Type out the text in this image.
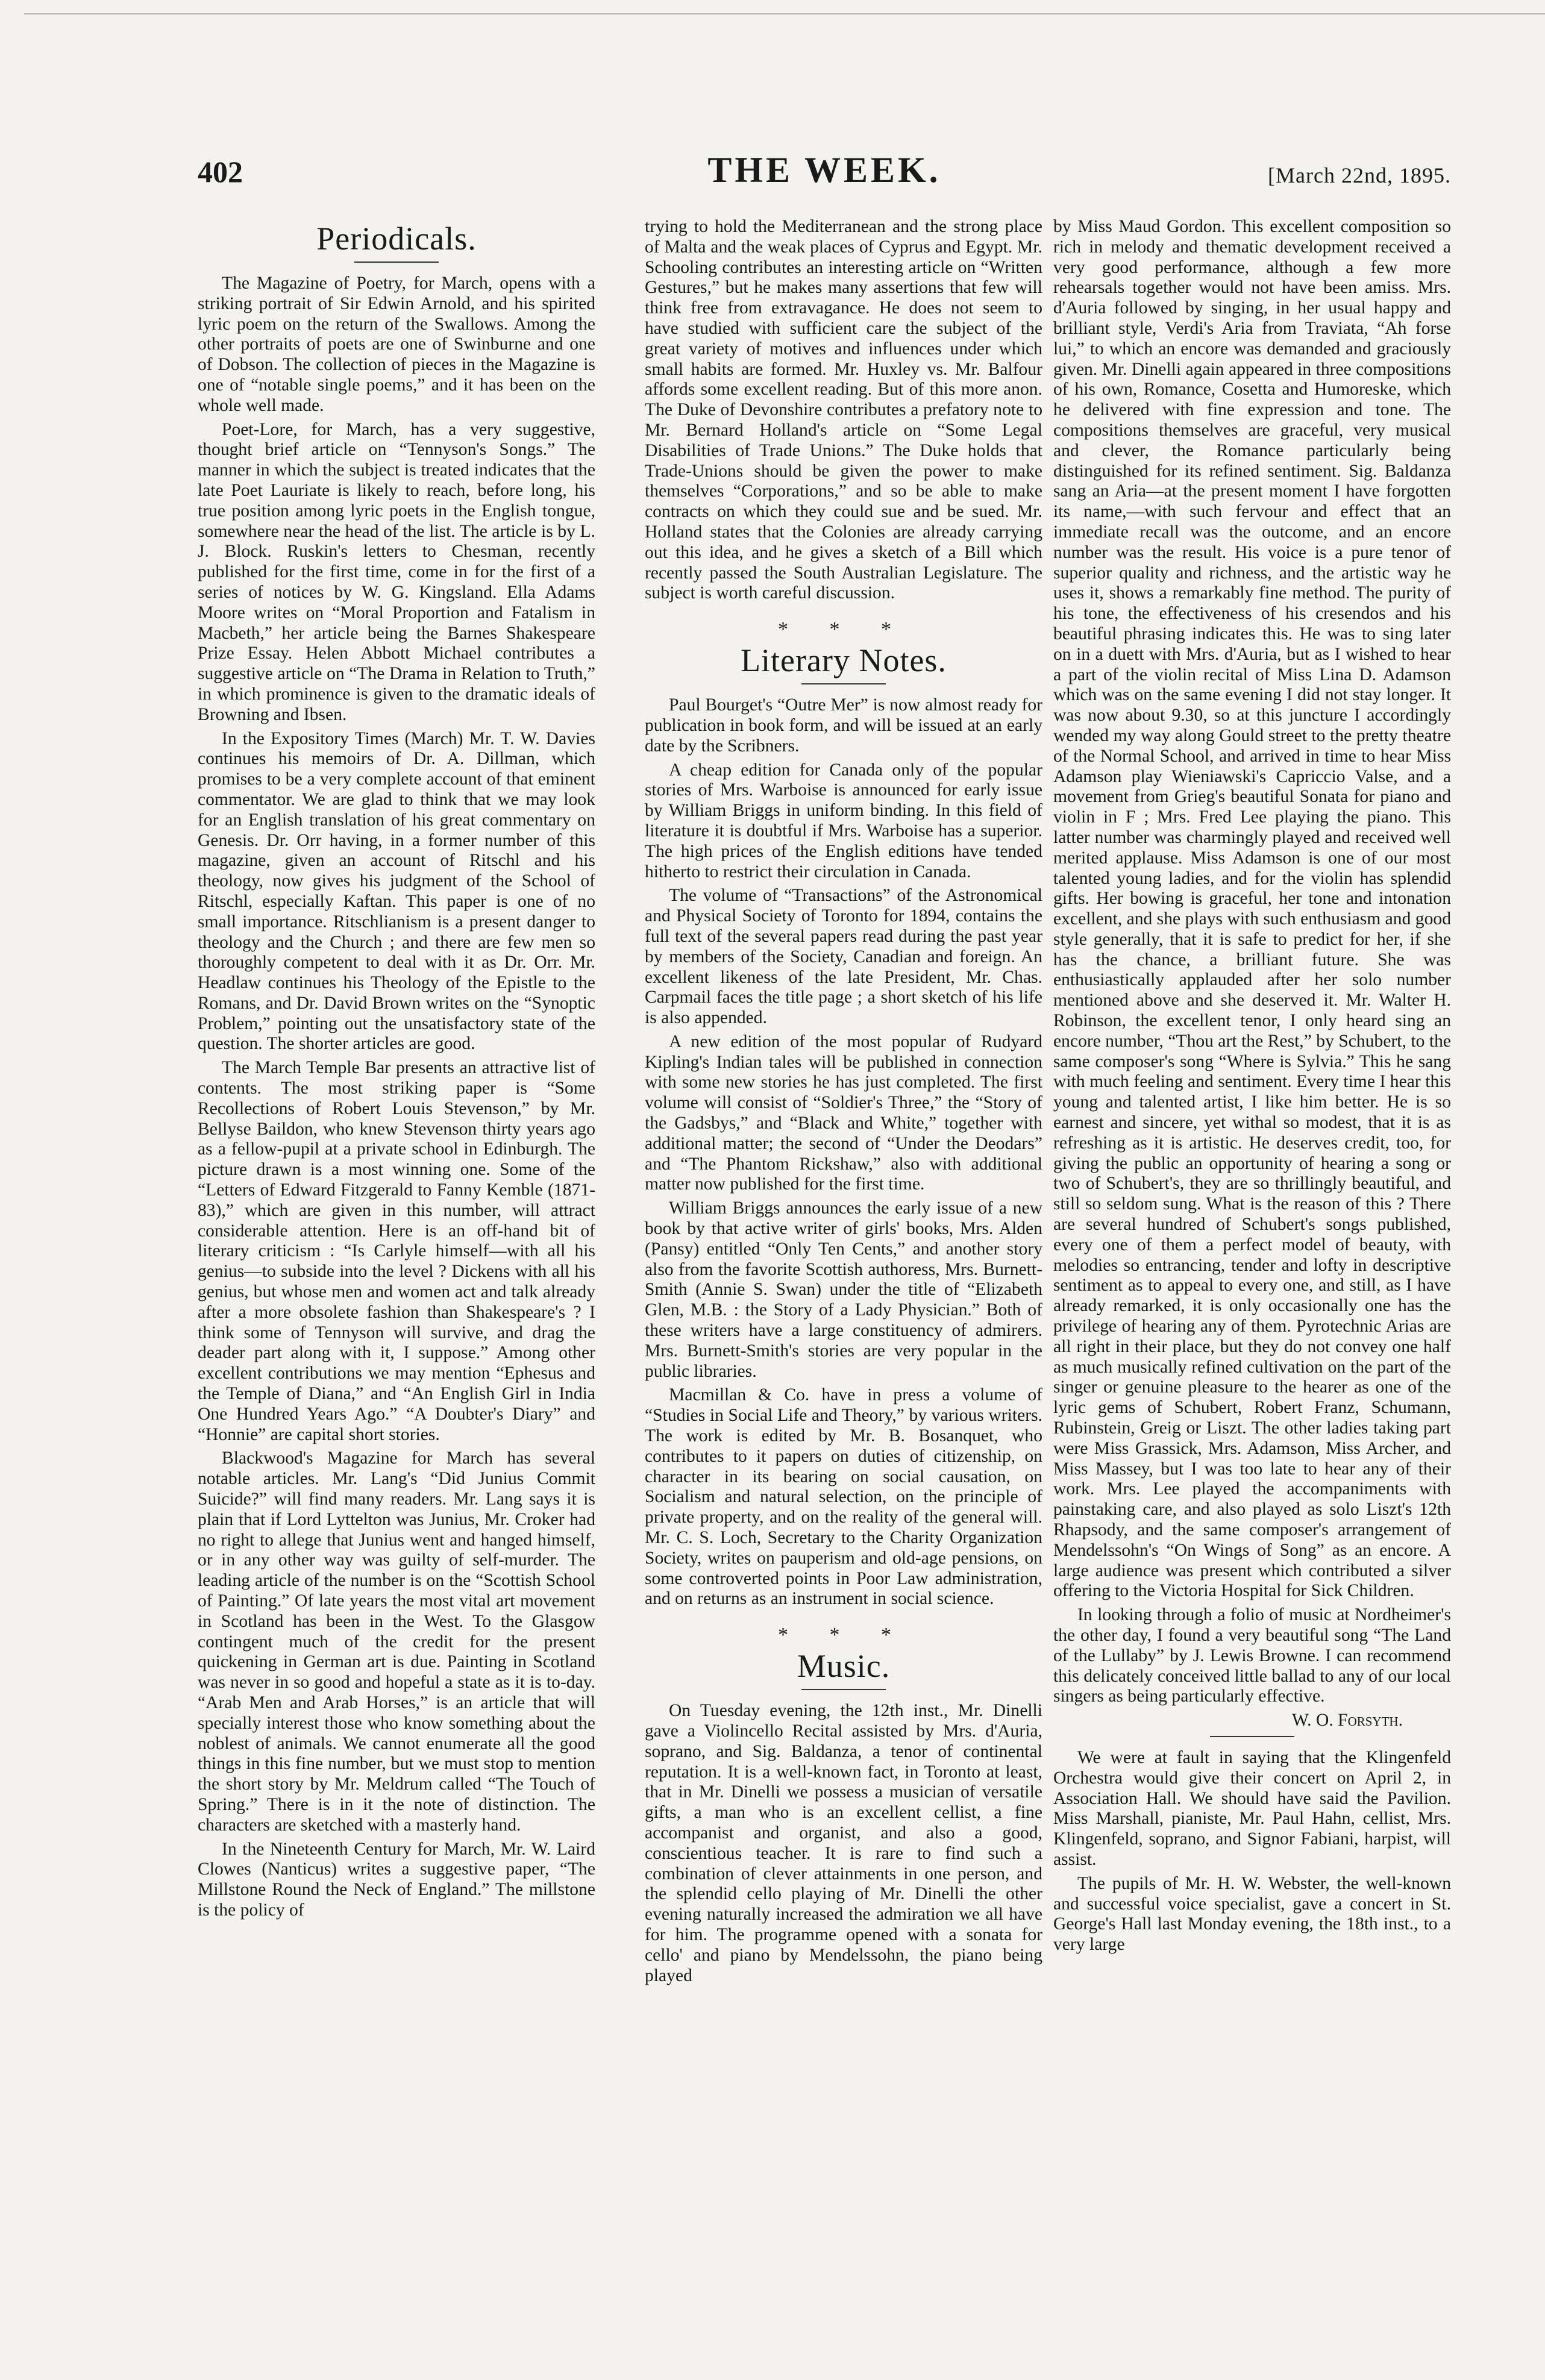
402	THE WEEK.	[March 22nd, 1895.
Periodicals.

The Magazine of Poetry, for March, opens with a striking portrait of Sir Edwin Arnold, and his spirited lyric poem on the return of the Swallows. Among the other portraits of poets are one of Swinburne and one of Dobson. The collection of pieces in the Magazine is one of “notable single poems,” and it has been on the whole well made.

Poet-Lore, for March, has a very suggestive, thought brief article on “Tennyson's Songs.” The manner in which the subject is treated indicates that the late Poet Lauriate is likely to reach, before long, his true position among lyric poets in the English tongue, somewhere near the head of the list. The article is by L. J. Block. Ruskin's letters to Chesman, recently published for the first time, come in for the first of a series of notices by W. G. Kingsland. Ella Adams Moore writes on “Moral Proportion and Fatalism in Macbeth,” her article being the Barnes Shakespeare Prize Essay. Helen Abbott Michael contributes a suggestive article on “The Drama in Relation to Truth,” in which prominence is given to the dramatic ideals of Browning and Ibsen.

In the Expository Times (March) Mr. T. W. Davies continues his memoirs of Dr. A. Dillman, which promises to be a very complete account of that eminent commentator. We are glad to think that we may look for an English translation of his great commentary on Genesis. Dr. Orr having, in a former number of this magazine, given an account of Ritschl and his theology, now gives his judgment of the School of Ritschl, especially Kaftan. This paper is one of no small importance. Ritschlianism is a present danger to theology and the Church ; and there are few men so thoroughly competent to deal with it as Dr. Orr. Mr. Headlaw continues his Theology of the Epistle to the Romans, and Dr. David Brown writes on the “Synoptic Problem,” pointing out the unsatisfactory state of the question. The shorter articles are good.

The March Temple Bar presents an attractive list of contents. The most striking paper is “Some Recollections of Robert Louis Stevenson,” by Mr. Bellyse Baildon, who knew Stevenson thirty years ago as a fellow-pupil at a private school in Edinburgh. The picture drawn is a most winning one. Some of the “Letters of Edward Fitzgerald to Fanny Kemble (1871-83),” which are given in this number, will attract considerable attention. Here is an off-hand bit of literary criticism : “Is Carlyle himself—with all his genius—to subside into the level ? Dickens with all his genius, but whose men and women act and talk already after a more obsolete fashion than Shakespeare's ? I think some of Tennyson will survive, and drag the deader part along with it, I suppose.” Among other excellent contributions we may mention “Ephesus and the Temple of Diana,” and “An English Girl in India One Hundred Years Ago.” “A Doubter's Diary” and “Honnie” are capital short stories.

Blackwood's Magazine for March has several notable articles. Mr. Lang's “Did Junius Commit Suicide?” will find many readers. Mr. Lang says it is plain that if Lord Lyttelton was Junius, Mr. Croker had no right to allege that Junius went and hanged himself, or in any other way was guilty of self-murder. The leading article of the number is on the “Scottish School of Painting.” Of late years the most vital art movement in Scotland has been in the West. To the Glasgow contingent much of the credit for the present quickening in German art is due. Painting in Scotland was never in so good and hopeful a state as it is to-day. “Arab Men and Arab Horses,” is an article that will specially interest those who know something about the noblest of animals. We cannot enumerate all the good things in this fine number, but we must stop to mention the short story by Mr. Meldrum called “The Touch of Spring.” There is in it the note of distinction. The characters are sketched with a masterly hand.

In the Nineteenth Century for March, Mr. W. Laird Clowes (Nanticus) writes a suggestive paper, “The Millstone Round the Neck of England.” The millstone is the policy of

trying to hold the Mediterranean and the strong place of Malta and the weak places of Cyprus and Egypt. Mr. Schooling contributes an interesting article on “Written Gestures,” but he makes many assertions that few will think free from extravagance. He does not seem to have studied with sufficient care the subject of the great variety of motives and influences under which small habits are formed. Mr. Huxley vs. Mr. Balfour affords some excellent reading. But of this more anon. The Duke of Devonshire contributes a prefatory note to Mr. Bernard Holland's article on “Some Legal Disabilities of Trade Unions.” The Duke holds that Trade-Unions should be given the power to make themselves “Corporations,” and so be able to make contracts on which they could sue and be sued. Mr. Holland states that the Colonies are already carrying out this idea, and he gives a sketch of a Bill which recently passed the South Australian Legislature. The subject is worth careful discussion.

* * *
Literary Notes.

Paul Bourget's “Outre Mer” is now almost ready for publication in book form, and will be issued at an early date by the Scribners.

A cheap edition for Canada only of the popular stories of Mrs. Warboise is announced for early issue by William Briggs in uniform binding. In this field of literature it is doubtful if Mrs. Warboise has a superior. The high prices of the English editions have tended hitherto to restrict their circulation in Canada.

The volume of “Transactions” of the Astronomical and Physical Society of Toronto for 1894, contains the full text of the several papers read during the past year by members of the Society, Canadian and foreign. An excellent likeness of the late President, Mr. Chas. Carpmail faces the title page ; a short sketch of his life is also appended.

A new edition of the most popular of Rudyard Kipling's Indian tales will be published in connection with some new stories he has just completed. The first volume will consist of “Soldier's Three,” the “Story of the Gadsbys,” and “Black and White,” together with additional matter; the second of “Under the Deodars” and “The Phantom Rickshaw,” also with additional matter now published for the first time.

William Briggs announces the early issue of a new book by that active writer of girls' books, Mrs. Alden (Pansy) entitled “Only Ten Cents,” and another story also from the favorite Scottish authoress, Mrs. Burnett-Smith (Annie S. Swan) under the title of “Elizabeth Glen, M.B. : the Story of a Lady Physician.” Both of these writers have a large constituency of admirers. Mrs. Burnett-Smith's stories are very popular in the public libraries.

Macmillan & Co. have in press a volume of “Studies in Social Life and Theory,” by various writers. The work is edited by Mr. B. Bosanquet, who contributes to it papers on duties of citizenship, on character in its bearing on social causation, on Socialism and natural selection, on the principle of private property, and on the reality of the general will. Mr. C. S. Loch, Secretary to the Charity Organization Society, writes on pauperism and old-age pensions, on some controverted points in Poor Law administration, and on returns as an instrument in social science.

* * *
Music.

On Tuesday evening, the 12th inst., Mr. Dinelli gave a Violincello Recital assisted by Mrs. d'Auria, soprano, and Sig. Baldanza, a tenor of continental reputation. It is a well-known fact, in Toronto at least, that in Mr. Dinelli we possess a musician of versatile gifts, a man who is an excellent cellist, a fine accompanist and organist, and also a good, conscientious teacher. It is rare to find such a combination of clever attainments in one person, and the splendid cello playing of Mr. Dinelli the other evening naturally increased the admiration we all have for him. The programme opened with a sonata for cello' and piano by Mendelssohn, the piano being played

by Miss Maud Gordon. This excellent composition so rich in melody and thematic development received a very good performance, although a few more rehearsals together would not have been amiss. Mrs. d'Auria followed by singing, in her usual happy and brilliant style, Verdi's Aria from Traviata, “Ah forse lui,” to which an encore was demanded and graciously given. Mr. Dinelli again appeared in three compositions of his own, Romance, Cosetta and Humoreske, which he delivered with fine expression and tone. The compositions themselves are graceful, very musical and clever, the Romance particularly being distinguished for its refined sentiment. Sig. Baldanza sang an Aria—at the present moment I have forgotten its name,—with such fervour and effect that an immediate recall was the outcome, and an encore number was the result. His voice is a pure tenor of superior quality and richness, and the artistic way he uses it, shows a remarkably fine method. The purity of his tone, the effectiveness of his cresendos and his beautiful phrasing indicates this. He was to sing later on in a duett with Mrs. d'Auria, but as I wished to hear a part of the violin recital of Miss Lina D. Adamson which was on the same evening I did not stay longer. It was now about 9.30, so at this juncture I accordingly wended my way along Gould street to the pretty theatre of the Normal School, and arrived in time to hear Miss Adamson play Wieniawski's Capriccio Valse, and a movement from Grieg's beautiful Sonata for piano and violin in F ; Mrs. Fred Lee playing the piano. This latter number was charmingly played and received well merited applause. Miss Adamson is one of our most talented young ladies, and for the violin has splendid gifts. Her bowing is graceful, her tone and intonation excellent, and she plays with such enthusiasm and good style generally, that it is safe to predict for her, if she has the chance, a brilliant future. She was enthusiastically applauded after her solo number mentioned above and she deserved it. Mr. Walter H. Robinson, the excellent tenor, I only heard sing an encore number, “Thou art the Rest,” by Schubert, to the same composer's song “Where is Sylvia.” This he sang with much feeling and sentiment. Every time I hear this young and talented artist, I like him better. He is so earnest and sincere, yet withal so modest, that it is as refreshing as it is artistic. He deserves credit, too, for giving the public an opportunity of hearing a song or two of Schubert's, they are so thrillingly beautiful, and still so seldom sung. What is the reason of this ? There are several hundred of Schubert's songs published, every one of them a perfect model of beauty, with melodies so entrancing, tender and lofty in descriptive sentiment as to appeal to every one, and still, as I have already remarked, it is only occasionally one has the privilege of hearing any of them. Pyrotechnic Arias are all right in their place, but they do not convey one half as much musically refined cultivation on the part of the singer or genuine pleasure to the hearer as one of the lyric gems of Schubert, Robert Franz, Schumann, Rubinstein, Greig or Liszt. The other ladies taking part were Miss Grassick, Mrs. Adamson, Miss Archer, and Miss Massey, but I was too late to hear any of their work. Mrs. Lee played the accompaniments with painstaking care, and also played as solo Liszt's 12th Rhapsody, and the same composer's arrangement of Mendelssohn's “On Wings of Song” as an encore. A large audience was present which contributed a silver offering to the Victoria Hospital for Sick Children.

In looking through a folio of music at Nordheimer's the other day, I found a very beautiful song “The Land of the Lullaby” by J. Lewis Browne. I can recommend this delicately conceived little ballad to any of our local singers as being particularly effective.

W. O. Forsyth.

We were at fault in saying that the Klingenfeld Orchestra would give their concert on April 2, in Association Hall. We should have said the Pavilion. Miss Marshall, pianiste, Mr. Paul Hahn, cellist, Mrs. Klingenfeld, soprano, and Signor Fabiani, harpist, will assist.

The pupils of Mr. H. W. Webster, the well-known and successful voice specialist, gave a concert in St. George's Hall last Monday evening, the 18th inst., to a very large
